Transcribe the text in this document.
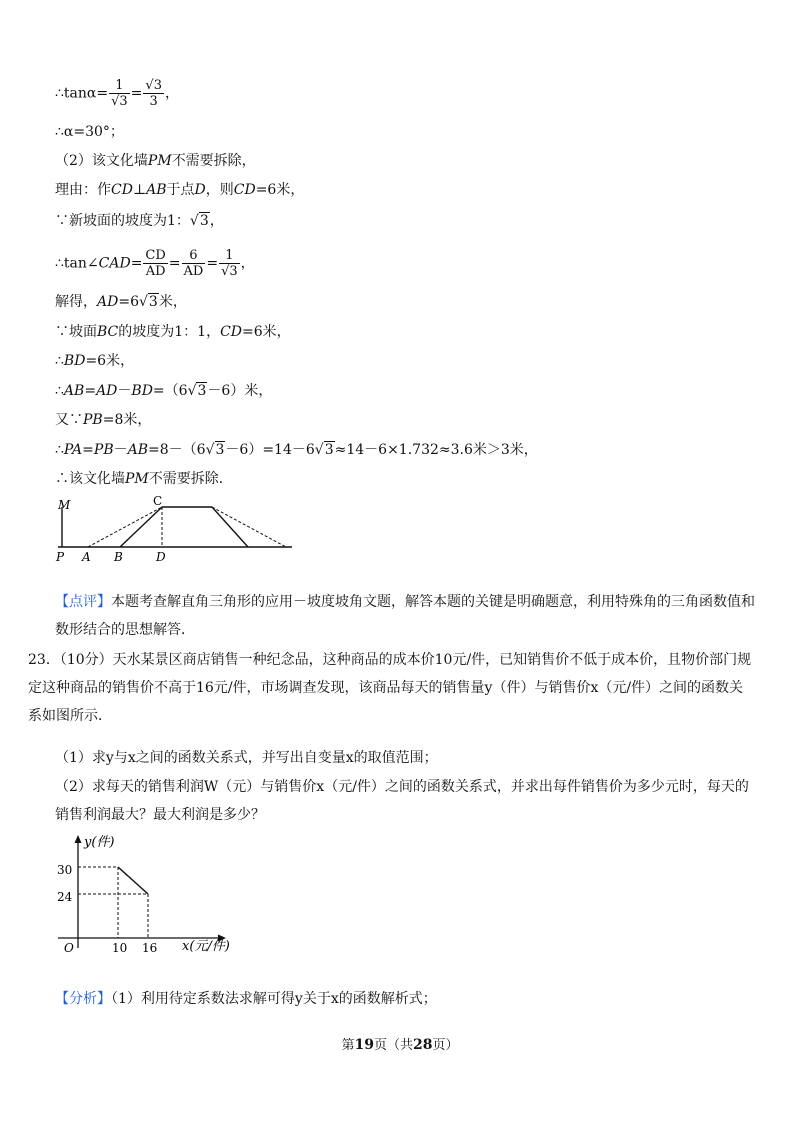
∴tanα= $\frac{1}{√3} = \frac{√3}{3}$ ，
∴α=30°；
（2）该文化墙PM不需要拆除，
理由：作CD⊥AB于点D，则CD=6米，
∵新坡面的坡度为1：√3，
∴tan∠CAD= $\frac{CD}{AD} = \frac{6}{AD} = \frac{1}{√3}$ ，
解得，AD=6√3米，
∵坡面BC的坡度为1：1，CD=6米，
∴BD=6米，
∴AB=AD－BD=（6√3－6）米，
又∵PB=8米，
∴PA=PB－AB=8－（6√3－6）=14－6√3≈14－6×1.732≈3.6米＞3米，
∴该文化墙PM不需要拆除．
M	C
P A B	D
【点评】本题考查解直角三角形的应用－坡度坡角文题，解答本题的关键是明确题意，利用特殊角的三角函数值和数形结合的思想解答．
23．（10分）天水某景区商店销售一种纪念品，这种商品的成本价10元/件，已知销售价不低于成本价，且物价部门规定这种商品的销售价不高于16元/件，市场调查发现，该商品每天的销售量y（件）与销售价x（元/件）之间的函数关系如图所示．
（1）求y与x之间的函数关系式，并写出自变量x的取值范围；
（2）求每天的销售利润W（元）与销售价x（元/件）之间的函数关系式，并求出每件销售价为多少元时，每天的销售利润最大？最大利润是多少？
y(件)
x(元/件)
O
30
24
10 16
【分析】（1）利用待定系数法求解可得y关于x的函数解析式；
第19页（共28页）
